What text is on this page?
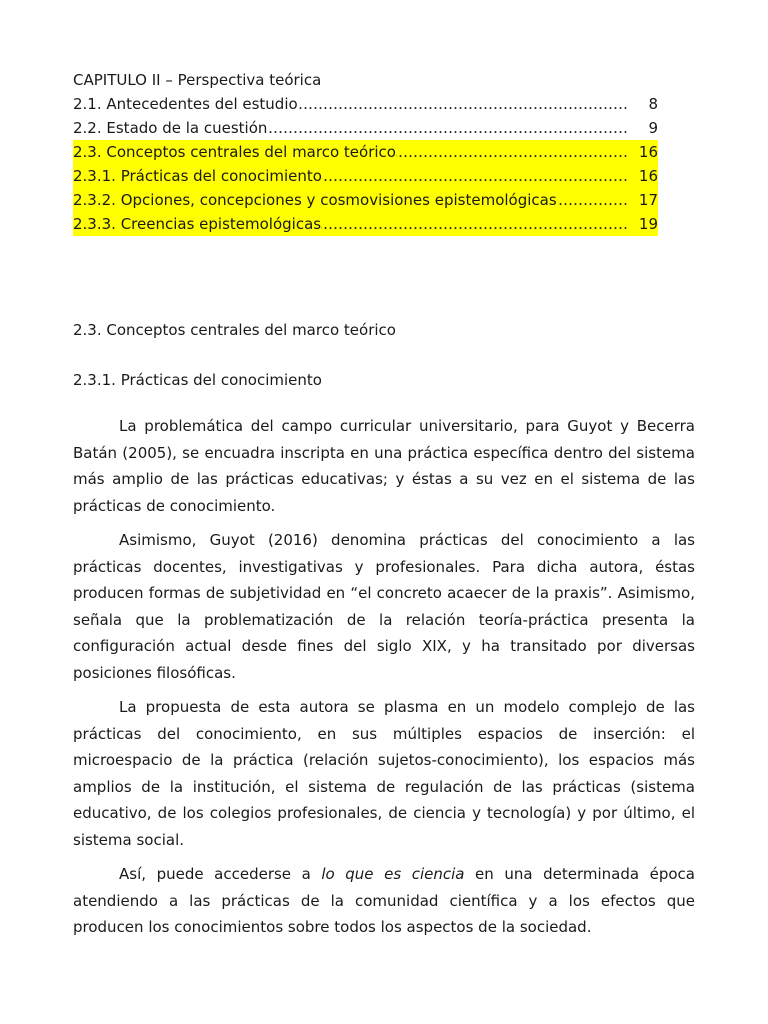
CAPITULO II – Perspectiva teórica
……………………………………………………………………………………………………………………………………………………………………………………
2.1. Antecedentes del estudio	8
……………………………………………………………………………………………………………………………………………………………………………………
2.2. Estado de la cuestión	9
……………………………………………………………………………………………………………………………………………………………………………………
2.3. Conceptos centrales del marco teórico	16
……………………………………………………………………………………………………………………………………………………………………………………
2.3.1. Prácticas del conocimiento	16
……………………………………………………………………………………………………………………………………………………………………………………
2.3.2. Opciones, concepciones y cosmovisiones epistemológicas	17
……………………………………………………………………………………………………………………………………………………………………………………
2.3.3. Creencias epistemológicas	19
2.3. Conceptos centrales del marco teórico
2.3.1. Prácticas del conocimiento

La problemática del campo curricular universitario, para Guyot y Becerra Batán (2005), se encuadra inscripta en una práctica específica dentro del sistema más amplio de las prácticas educativas; y éstas a su vez en el sistema de las prácticas de conocimiento.

Asimismo, Guyot (2016) denomina prácticas del conocimiento a las prácticas docentes, investigativas y profesionales. Para dicha autora, éstas producen formas de subjetividad en “el concreto acaecer de la praxis”. Asimismo, señala que la problematización de la relación teoría-práctica presenta la configuración actual desde fines del siglo XIX, y ha transitado por diversas posiciones filosóficas.

La propuesta de esta autora se plasma en un modelo complejo de las prácticas del conocimiento, en sus múltiples espacios de inserción: el microespacio de la práctica (relación sujetos-conocimiento), los espacios más amplios de la institución, el sistema de regulación de las prácticas (sistema educativo, de los colegios profesionales, de ciencia y tecnología) y por último, el sistema social.

Así, puede accederse a lo que es ciencia en una determinada época atendiendo a las prácticas de la comunidad científica y a los efectos que producen los conocimientos sobre todos los aspectos de la sociedad.
